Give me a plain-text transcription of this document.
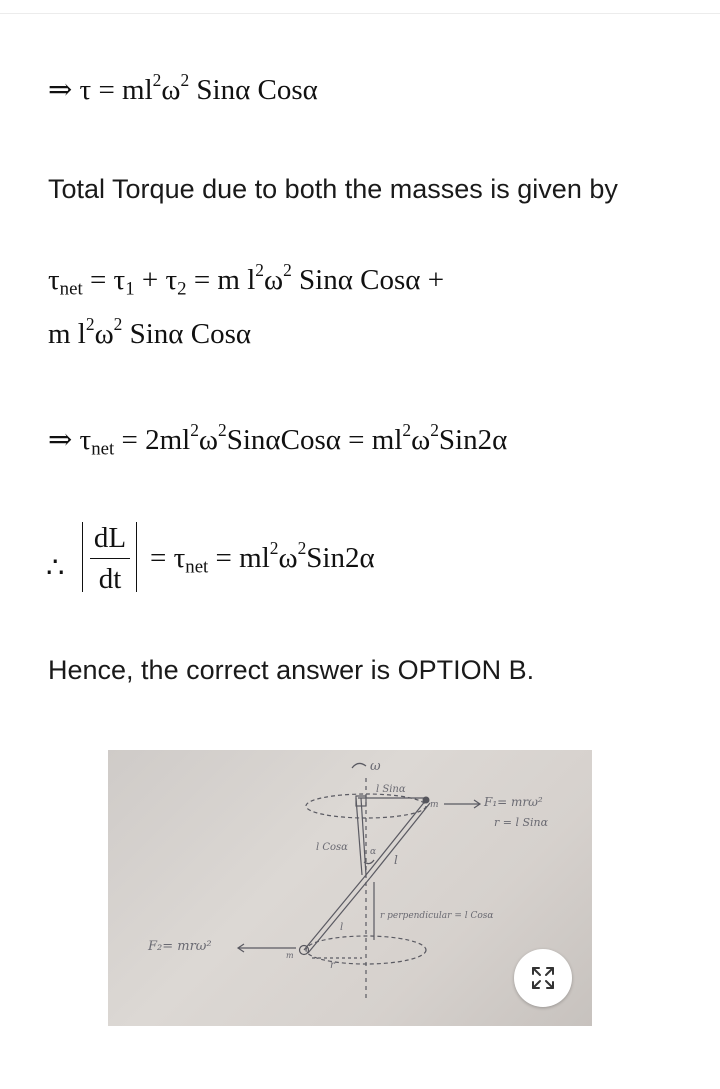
⇒ $\tau = ml^2\omega^2$ Sinα Cosα
Total Torque due to both the masses is given by
$\tau_{net} = \tau_1 + \tau_2 = m$ $l^2\omega^2$ Sinα Cosα +
m $l^2\omega^2$ Sinα Cosα
⇒ $\tau_{net} = 2ml^2\omega^2Sin\alpha Cos\alpha = ml^2\omega^2Sin2\alpha$
∴
dL
dt
= $\tau_{net} = ml^2\omega^2Sin2\alpha$
Hence, the correct answer is OPTION B.
ω
l Sinα
m	F₁= mrω²
r = l Sinα
l Cosα α
l
l
r perpendicular = l Cosα
F₂= mrω²
m
r
